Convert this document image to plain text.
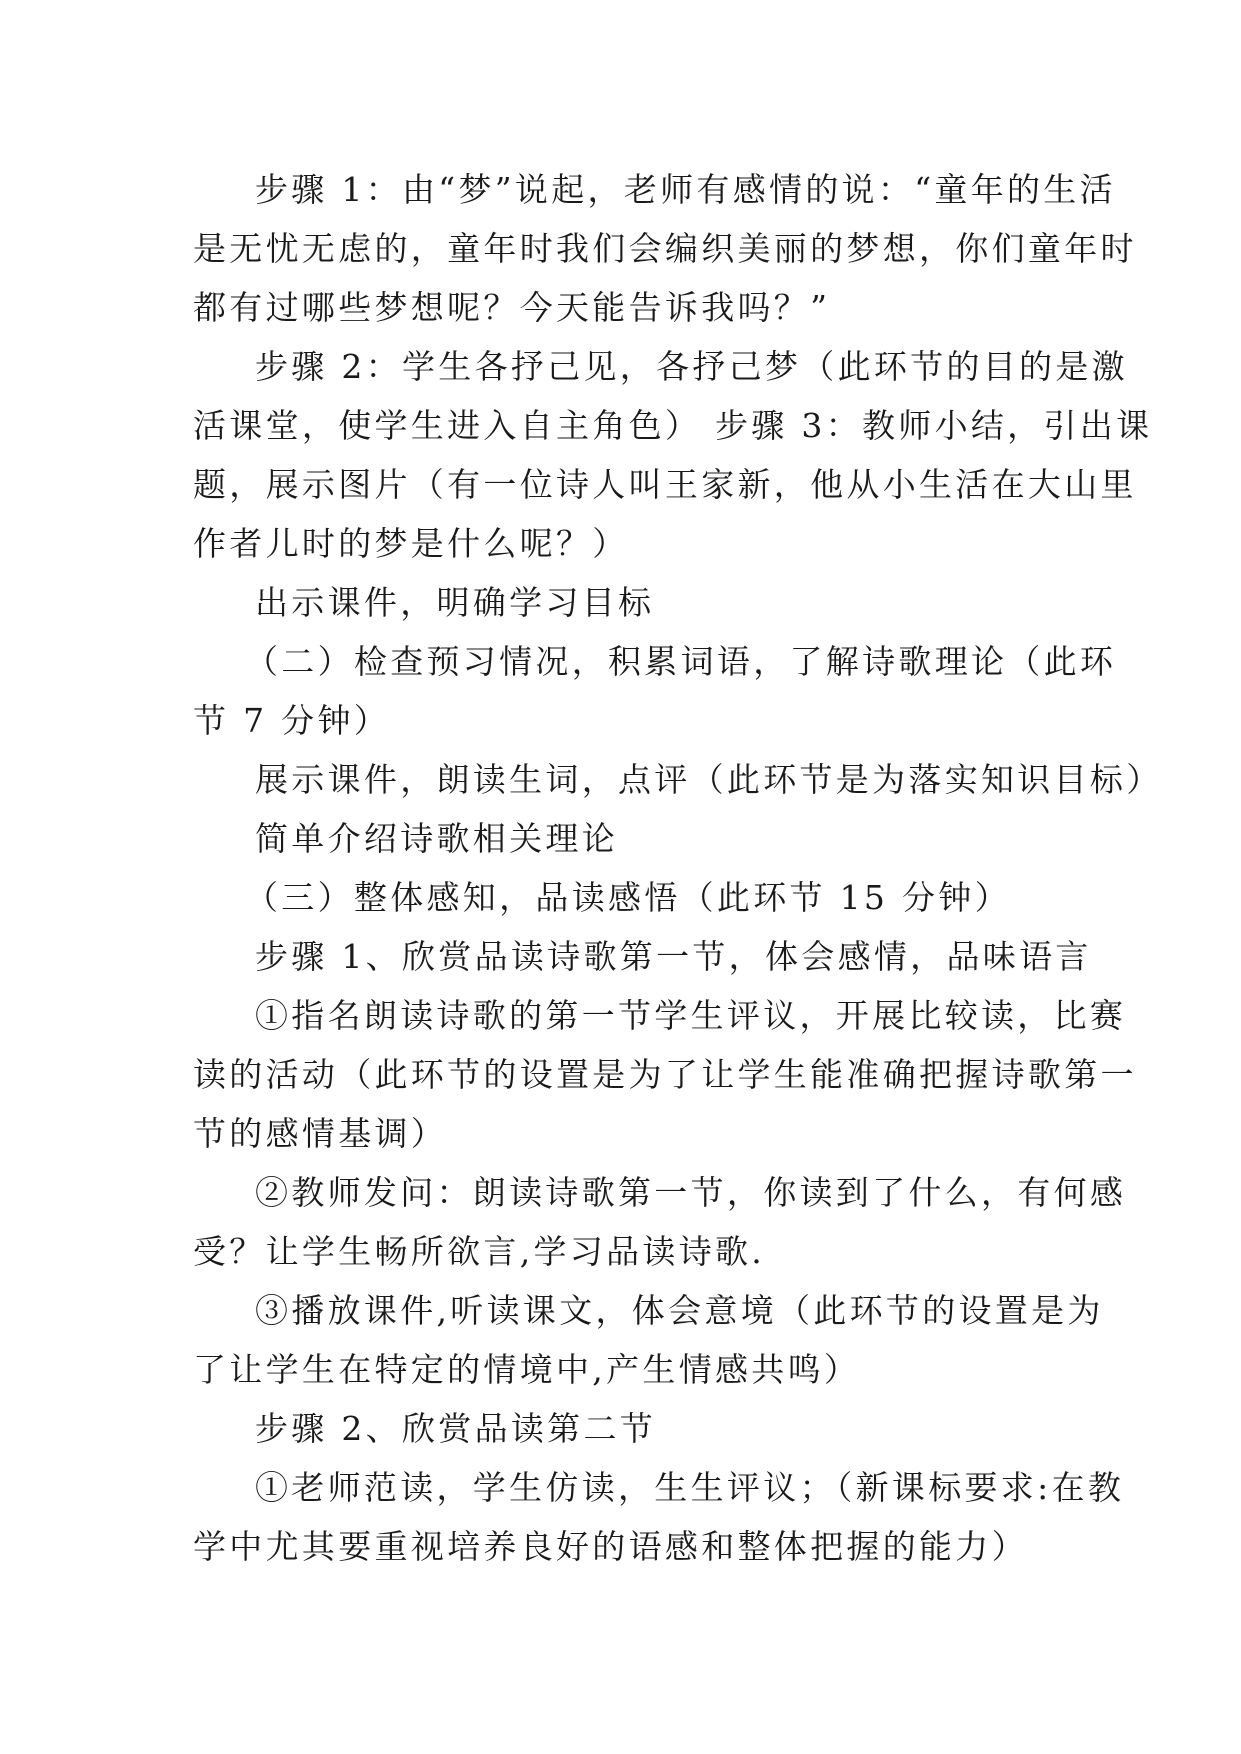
步骤 1：由“梦”说起，老师有感情的说：“童年的生活
是无忧无虑的，童年时我们会编织美丽的梦想，你们童年时
都有过哪些梦想呢？今天能告诉我吗？”
步骤 2：学生各抒己见，各抒己梦（此环节的目的是激
活课堂，使学生进入自主角色） 步骤 3：教师小结，引出课
题，展示图片（有一位诗人叫王家新，他从小生活在大山里
作者儿时的梦是什么呢？）
出示课件，明确学习目标
（二）检查预习情况，积累词语，了解诗歌理论（此环
节 7 分钟）
展示课件，朗读生词，点评（此环节是为落实知识目标）
简单介绍诗歌相关理论
（三）整体感知，品读感悟（此环节 15 分钟）
步骤 1、欣赏品读诗歌第一节，体会感情，品味语言
①指名朗读诗歌的第一节学生评议，开展比较读，比赛
读的活动（此环节的设置是为了让学生能准确把握诗歌第一
节的感情基调）
②教师发问：朗读诗歌第一节，你读到了什么，有何感
受？让学生畅所欲言,学习品读诗歌.
③播放课件,听读课文，体会意境（此环节的设置是为
了让学生在特定的情境中,产生情感共鸣）
步骤 2、欣赏品读第二节
①老师范读，学生仿读，生生评议；（新课标要求:在教
学中尤其要重视培养良好的语感和整体把握的能力）
